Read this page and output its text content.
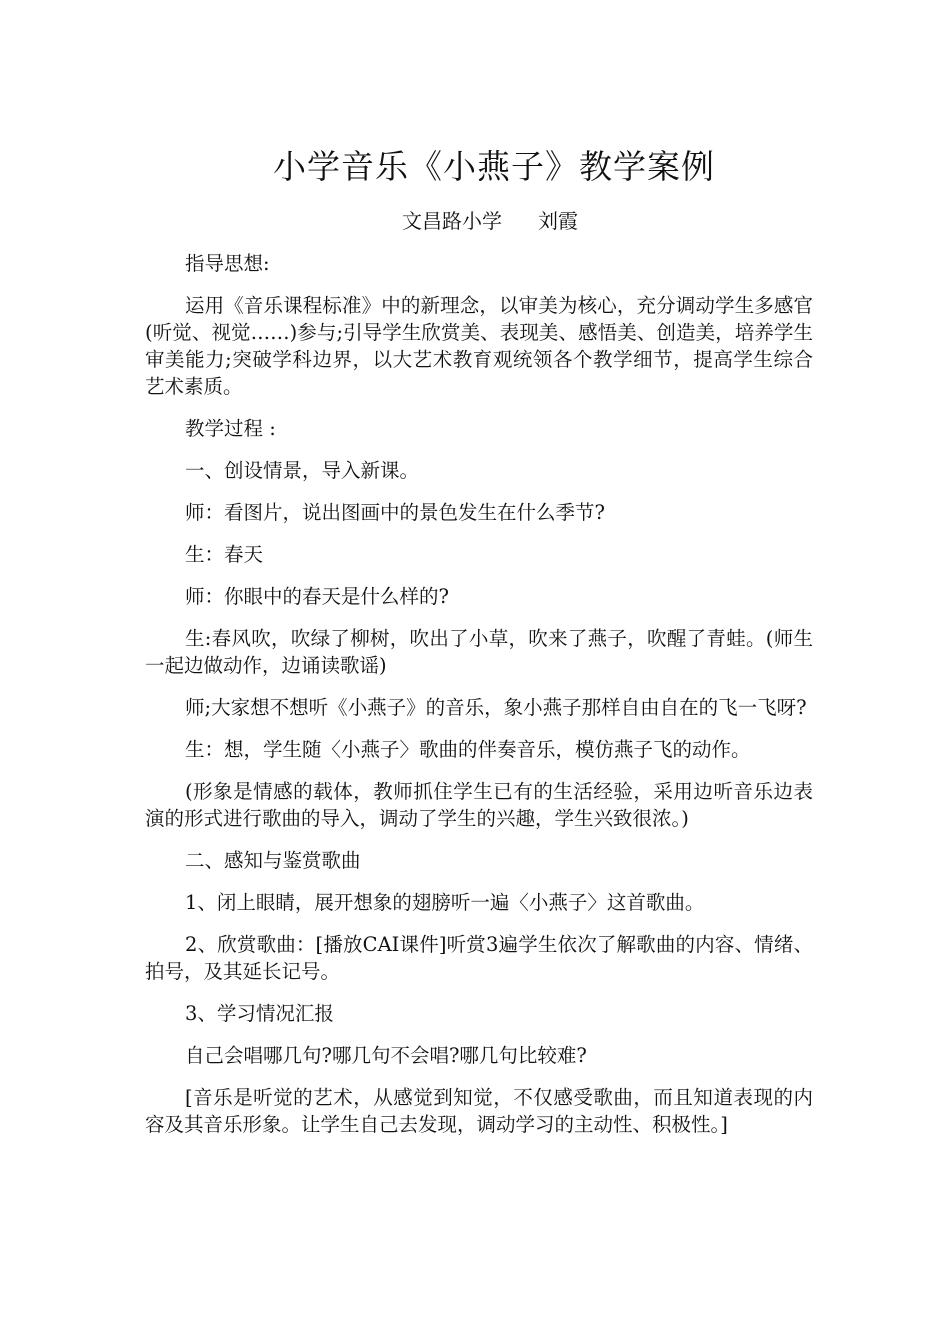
小学音乐《小燕子》教学案例
文昌路小学 刘霞

指导思想:

运用《音乐课程标准》中的新理念，以审美为核心，充分调动学生多感官(听觉、视觉……)参与;引导学生欣赏美、表现美、感悟美、创造美，培养学生审美能力;突破学科边界，以大艺术教育观统领各个教学细节，提高学生综合艺术素质。

教学过程 :

一、创设情景，导入新课。

师：看图片，说出图画中的景色发生在什么季节?

生：春天

师：你眼中的春天是什么样的?

生:春风吹，吹绿了柳树，吹出了小草，吹来了燕子，吹醒了青蛙。(师生一起边做动作，边诵读歌谣)

师;大家想不想听《小燕子》的音乐，象小燕子那样自由自在的飞一飞呀?

生：想，学生随〈小燕子〉歌曲的伴奏音乐，模仿燕子飞的动作。

(形象是情感的载体，教师抓住学生已有的生活经验，采用边听音乐边表演的形式进行歌曲的导入，调动了学生的兴趣，学生兴致很浓。)

二、感知与鉴赏歌曲

1、闭上眼睛，展开想象的翅膀听一遍〈小燕子〉这首歌曲。

2、欣赏歌曲：[播放CAI课件]听赏3遍学生依次了解歌曲的内容、情绪、拍号，及其延长记号。

3、学习情况汇报

自己会唱哪几句?哪几句不会唱?哪几句比较难?

[音乐是听觉的艺术，从感觉到知觉，不仅感受歌曲，而且知道表现的内容及其音乐形象。让学生自己去发现，调动学习的主动性、积极性。]
